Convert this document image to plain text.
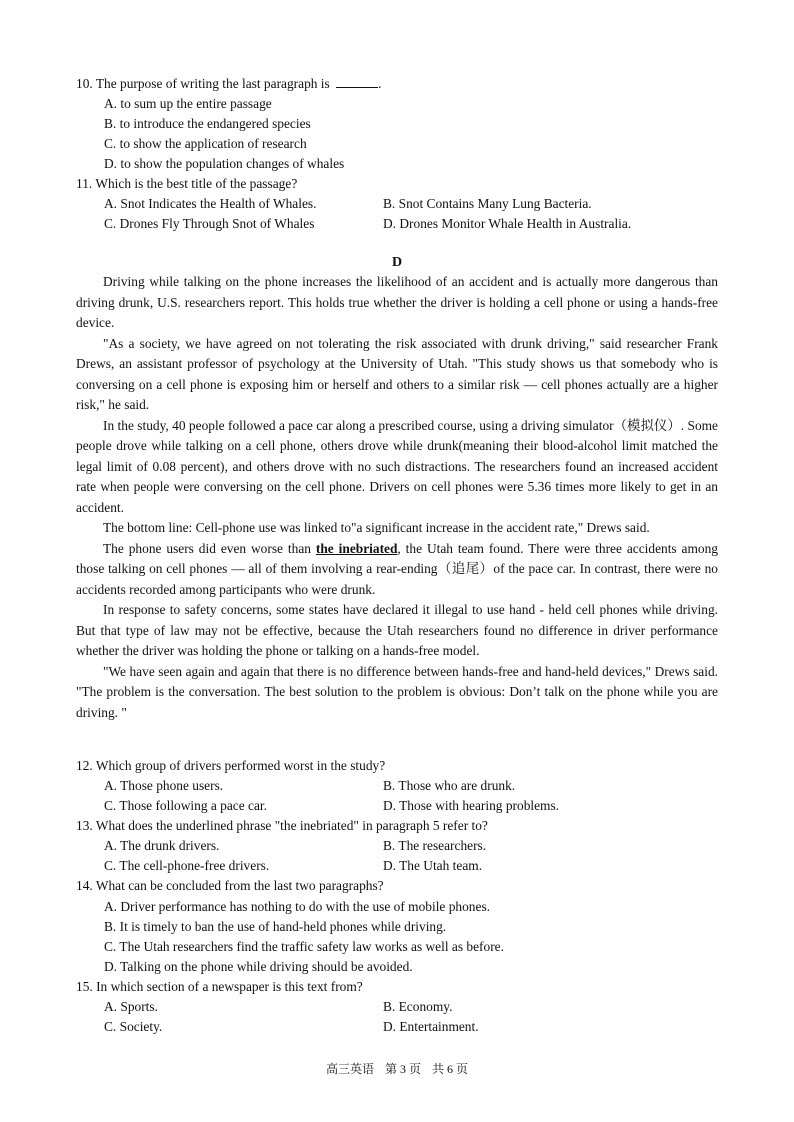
10. The purpose of writing the last paragraph is	.
A. to sum up the entire passage
B. to introduce the endangered species
C. to show the application of research
D. to show the population changes of whales
11. Which is the best title of the passage?
A. Snot Indicates the Health of Whales.	B. Snot Contains Many Lung Bacteria.
C. Drones Fly Through Snot of Whales	D. Drones Monitor Whale Health in Australia.
D

Driving while talking on the phone increases the likelihood of an accident and is actually more dangerous than driving drunk, U.S. researchers report. This holds true whether the driver is holding a cell phone or using a hands-free device.

"As a society, we have agreed on not tolerating the risk associated with drunk driving," said researcher Frank Drews, an assistant professor of psychology at the University of Utah. "This study shows us that somebody who is conversing on a cell phone is exposing him or herself and others to a similar risk — cell phones actually are a higher risk," he said.

In the study, 40 people followed a pace car along a prescribed course, using a driving simulator（模拟仪）. Some people drove while talking on a cell phone, others drove while drunk(meaning their blood-alcohol limit matched the legal limit of 0.08 percent), and others drove with no such distractions. The researchers found an increased accident rate when people were conversing on the cell phone. Drivers on cell phones were 5.36 times more likely to get in an accident.

The bottom line: Cell-phone use was linked to"a significant increase in the accident rate," Drews said.

The phone users did even worse than the inebriated, the Utah team found. There were three accidents among those talking on cell phones — all of them involving a rear-ending（追尾）of the pace car. In contrast, there were no accidents recorded among participants who were drunk.

In response to safety concerns, some states have declared it illegal to use hand - held cell phones while driving. But that type of law may not be effective, because the Utah researchers found no difference in driver performance whether the driver was holding the phone or talking on a hands-free model.

"We have seen again and again that there is no difference between hands-free and hand-held devices," Drews said. "The problem is the conversation. The best solution to the problem is obvious: Don’t talk on the phone while you are driving. "

12. Which group of drivers performed worst in the study?
A. Those phone users.	B. Those who are drunk.
C. Those following a pace car.	D. Those with hearing problems.
13. What does the underlined phrase "the inebriated" in paragraph 5 refer to?
A. The drunk drivers.	B. The researchers.
C. The cell-phone-free drivers.	D. The Utah team.
14. What can be concluded from the last two paragraphs?
A. Driver performance has nothing to do with the use of mobile phones.
B. It is timely to ban the use of hand-held phones while driving.
C. The Utah researchers find the traffic safety law works as well as before.
D. Talking on the phone while driving should be avoided.
15. In which section of a newspaper is this text from?
A. Sports.	B. Economy.
C. Society.	D. Entertainment.
高三英语 第 3 页 共 6 页
